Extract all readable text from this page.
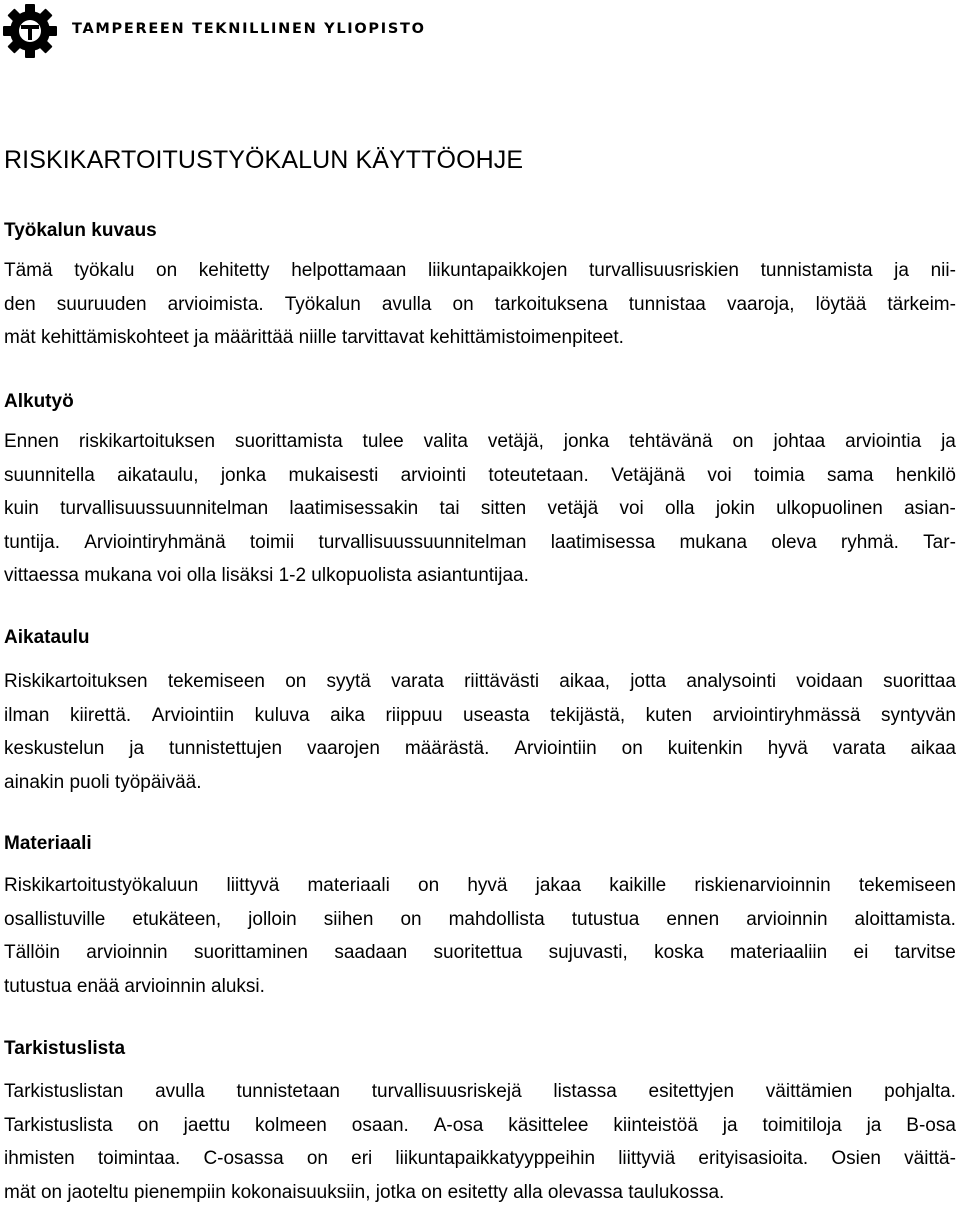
TAMPEREEN TEKNILLINEN YLIOPISTO
RISKIKARTOITUSTYÖKALUN KÄYTTÖOHJE
Työkalun kuvaus
Tämä työkalu on kehitetty helpottamaan liikuntapaikkojen turvallisuusriskien tunnistamista ja nii-
den suuruuden arvioimista. Työkalun avulla on tarkoituksena tunnistaa vaaroja, löytää tärkeim-
mät kehittämiskohteet ja määrittää niille tarvittavat kehittämistoimenpiteet.
Alkutyö
Ennen riskikartoituksen suorittamista tulee valita vetäjä, jonka tehtävänä on johtaa arviointia ja
suunnitella aikataulu, jonka mukaisesti arviointi toteutetaan. Vetäjänä voi toimia sama henkilö
kuin turvallisuussuunnitelman laatimisessakin tai sitten vetäjä voi olla jokin ulkopuolinen asian-
tuntija. Arviointiryhmänä toimii turvallisuussuunnitelman laatimisessa mukana oleva ryhmä. Tar-
vittaessa mukana voi olla lisäksi 1-2 ulkopuolista asiantuntijaa.
Aikataulu
Riskikartoituksen tekemiseen on syytä varata riittävästi aikaa, jotta analysointi voidaan suorittaa
ilman kiirettä. Arviointiin kuluva aika riippuu useasta tekijästä, kuten arviointiryhmässä syntyvän
keskustelun ja tunnistettujen vaarojen määrästä. Arviointiin on kuitenkin hyvä varata aikaa
ainakin puoli työpäivää.
Materiaali
Riskikartoitustyökaluun liittyvä materiaali on hyvä jakaa kaikille riskienarvioinnin tekemiseen
osallistuville etukäteen, jolloin siihen on mahdollista tutustua ennen arvioinnin aloittamista.
Tällöin arvioinnin suorittaminen saadaan suoritettua sujuvasti, koska materiaaliin ei tarvitse
tutustua enää arvioinnin aluksi.
Tarkistuslista
Tarkistuslistan avulla tunnistetaan turvallisuusriskejä listassa esitettyjen väittämien pohjalta.
Tarkistuslista on jaettu kolmeen osaan. A-osa käsittelee kiinteistöä ja toimitiloja ja B-osa
ihmisten toimintaa. C-osassa on eri liikuntapaikkatyyppeihin liittyviä erityisasioita. Osien väittä-
mät on jaoteltu pienempiin kokonaisuuksiin, jotka on esitetty alla olevassa taulukossa.
